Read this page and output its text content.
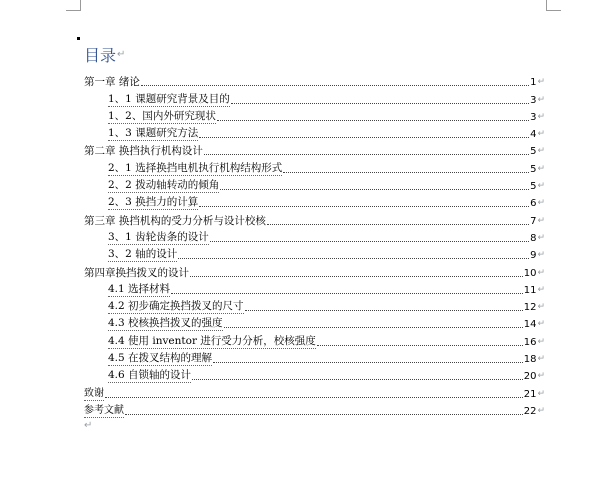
目录 ↵
第一章 绪论	1 ↵
1、1 课题研究背景及目的	3 ↵
1、2、国内外研究现状	3 ↵
1、3 课题研究方法	4 ↵
第二章 换挡执行机构设计	5 ↵
2、1 选择换挡电机执行机构结构形式	5 ↵
2、2 拨动轴转动的倾角	5 ↵
2、3 换挡力的计算	6 ↵
第三章 换挡机构的受力分析与设计校核	7 ↵
3、1 齿轮齿条的设计	8 ↵
3、2 轴的设计	9 ↵
第四章换挡拨叉的设计	10 ↵
4.1 选择材料	11 ↵
4.2 初步确定换挡拨叉的尺寸	12 ↵
4.3 校核换挡拨叉的强度	14 ↵
4.4 使用 inventor 进行受力分析，校核强度	16 ↵
4.5 在拨叉结构的理解	18 ↵
4.6 自锁轴的设计	20 ↵
致谢	21 ↵
参考文献	22 ↵
↵
